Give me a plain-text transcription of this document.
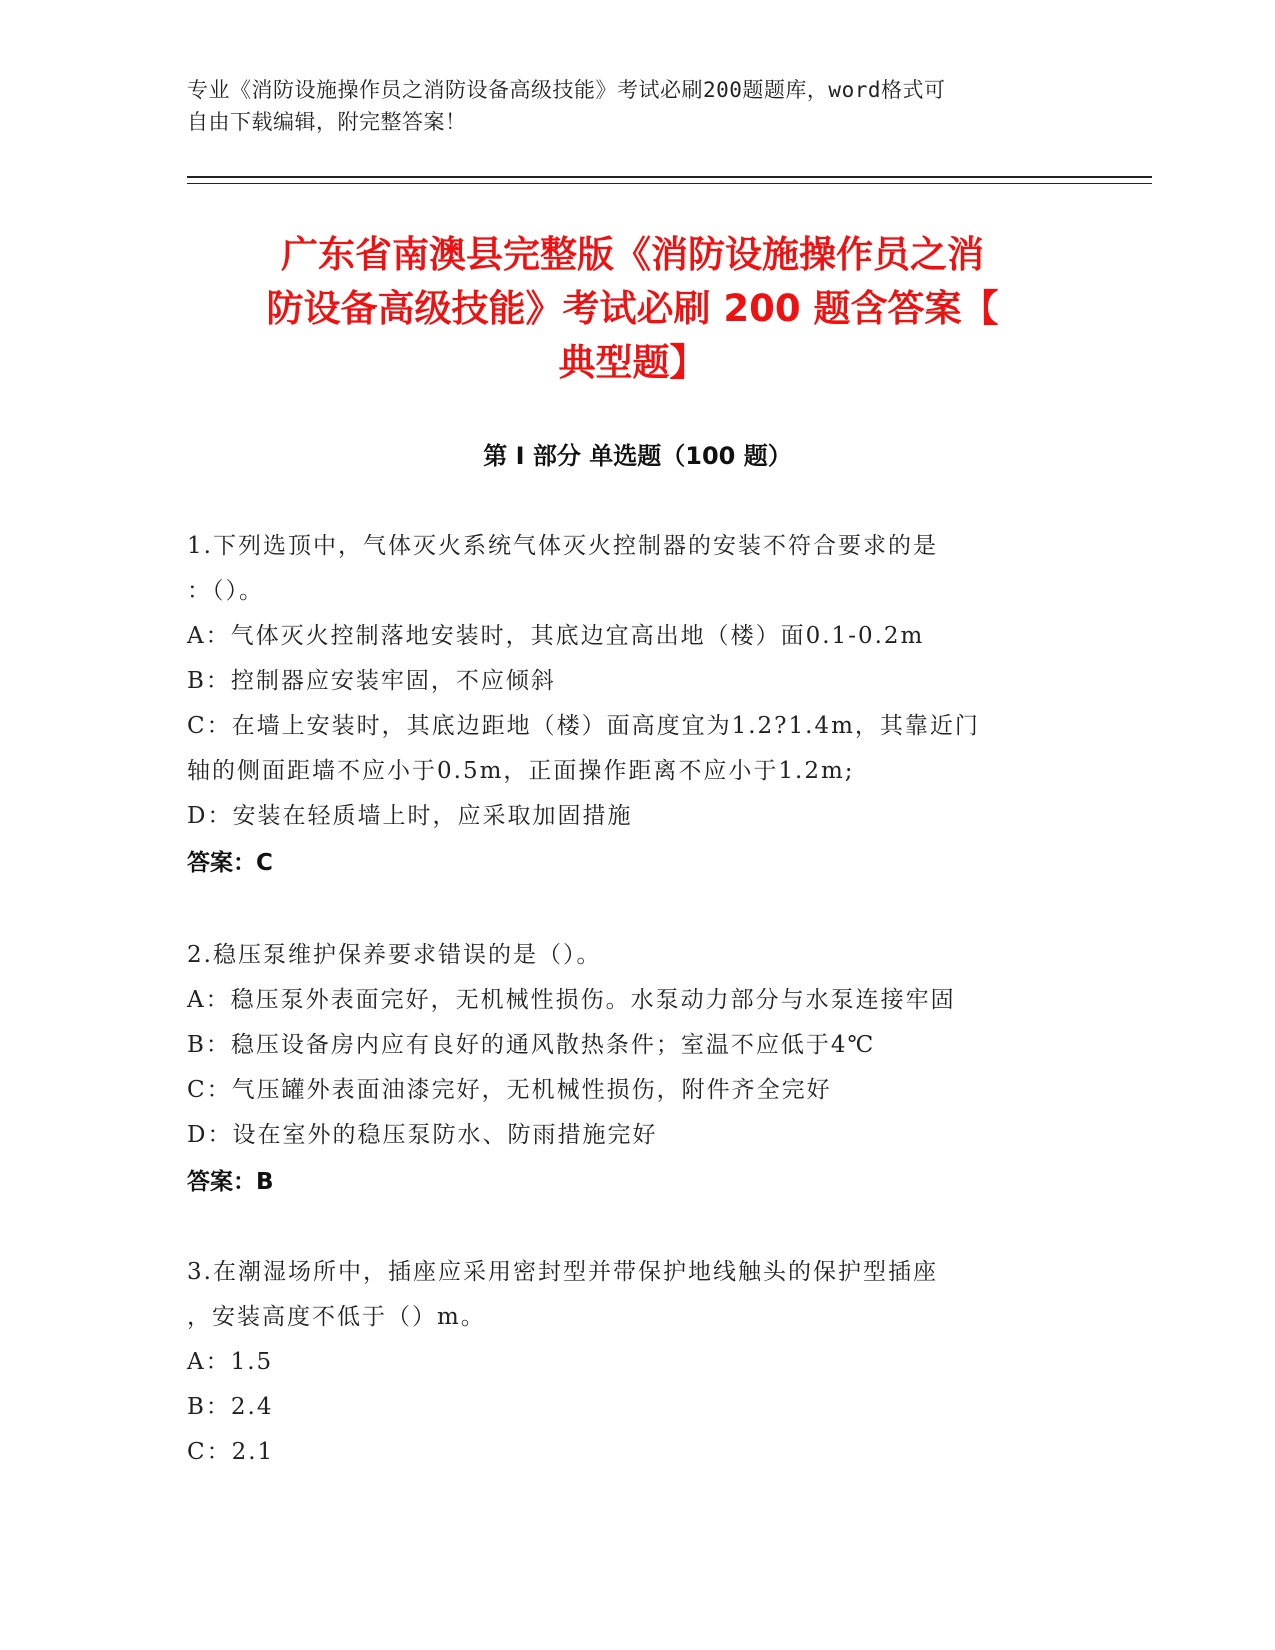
专业《消防设施操作员之消防设备高级技能》考试必刷200题题库，word格式可
自由下载编辑，附完整答案！
广东省南澳县完整版《消防设施操作员之消
防设备高级技能》考试必刷 200 题含答案【
典型题】
第 I 部分 单选题（100 题）
1.下列选顶中，气体灭火系统气体灭火控制器的安装不符合要求的是
：（）。
A：气体灭火控制落地安装时，其底边宜高出地（楼）面0.1-0.2m
B：控制器应安装牢固，不应倾斜
C：在墙上安装时，其底边距地（楼）面高度宜为1.2?1.4m，其靠近门
轴的侧面距墙不应小于0.5m，正面操作距离不应小于1.2m;
D：安装在轻质墙上时，应采取加固措施
答案：C
2.稳压泵维护保养要求错误的是（）。
A：稳压泵外表面完好，无机械性损伤。水泵动力部分与水泵连接牢固
B：稳压设备房内应有良好的通风散热条件；室温不应低于4℃
C：气压罐外表面油漆完好，无机械性损伤，附件齐全完好
D：设在室外的稳压泵防水、防雨措施完好
答案：B
3.在潮湿场所中，插座应采用密封型并带保护地线触头的保护型插座
，安装高度不低于（）m。
A：1.5
B：2.4
C：2.1
